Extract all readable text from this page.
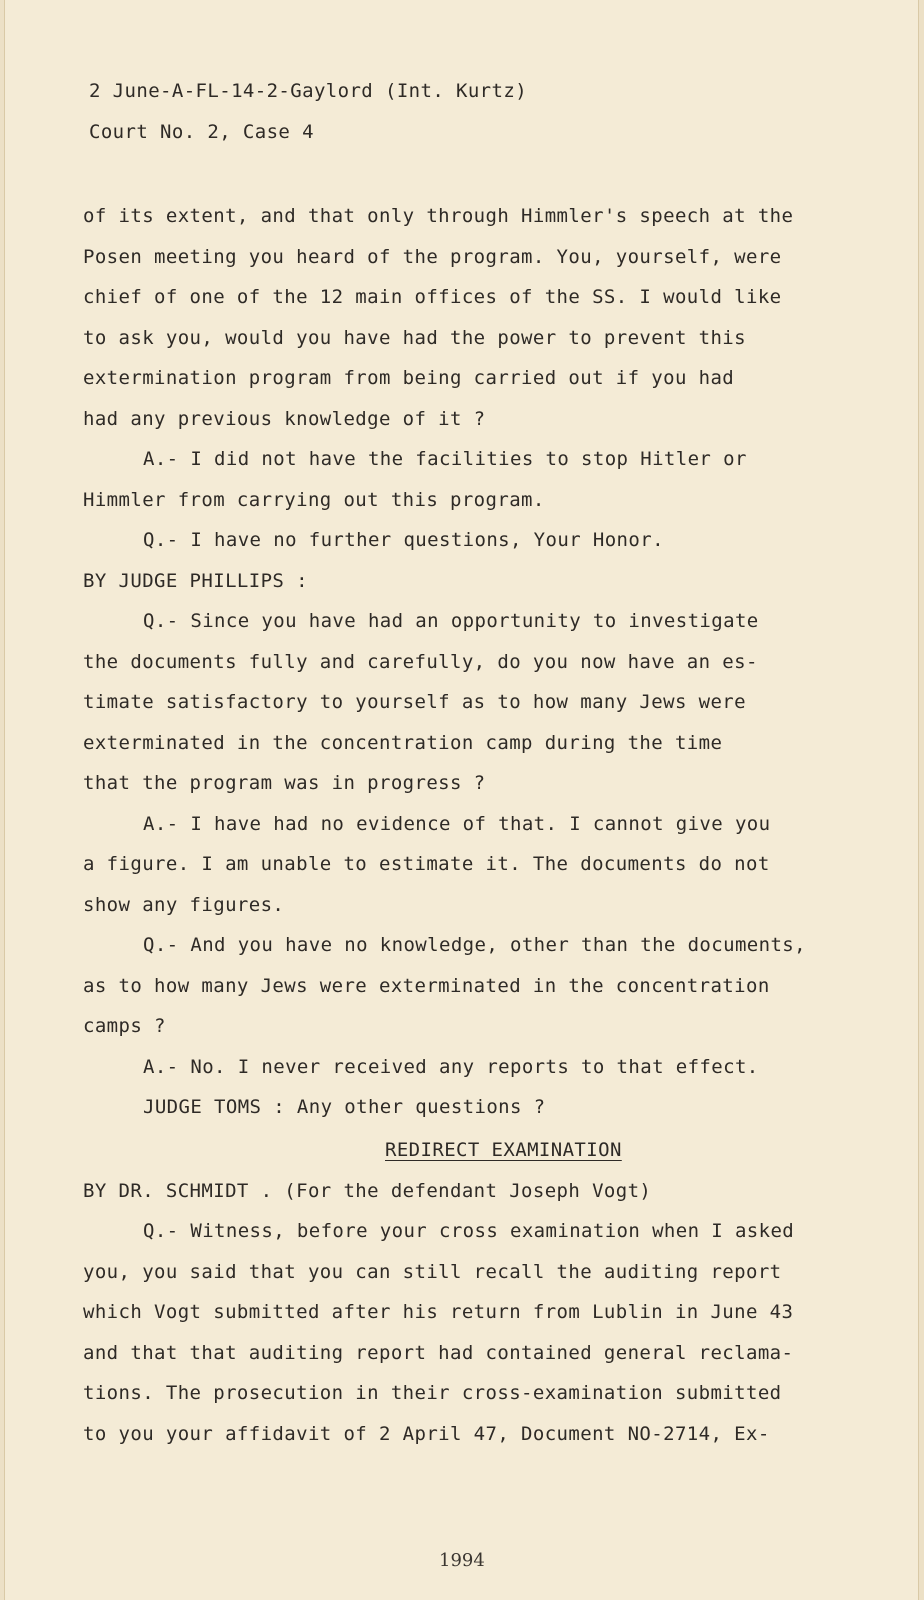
2 June-A-FL-14-2-Gaylord (Int. Kurtz)
Court No. 2, Case 4
of its extent, and that only through Himmler's speech at the
Posen meeting you heard of the program. You, yourself, were
chief of one of the 12 main offices of the SS. I would like
to ask you, would you have had the power to prevent this
extermination program from being carried out if you had
had any previous knowledge of it ?
A.- I did not have the facilities to stop Hitler or
Himmler from carrying out this program.
Q.- I have no further questions, Your Honor.
BY JUDGE PHILLIPS :
Q.- Since you have had an opportunity to investigate
the documents fully and carefully, do you now have an es-
timate satisfactory to yourself as to how many Jews were
exterminated in the concentration camp during the time
that the program was in progress ?
A.- I have had no evidence of that. I cannot give you
a figure. I am unable to estimate it. The documents do not
show any figures.
Q.- And you have no knowledge, other than the documents,
as to how many Jews were exterminated in the concentration
camps ?
A.- No. I never received any reports to that effect.
JUDGE TOMS : Any other questions ?
REDIRECT EXAMINATION
BY DR. SCHMIDT . (For the defendant Joseph Vogt)
Q.- Witness, before your cross examination when I asked
you, you said that you can still recall the auditing report
which Vogt submitted after his return from Lublin in June 43
and that that auditing report had contained general reclama-
tions. The prosecution in their cross-examination submitted
to you your affidavit of 2 April 47, Document NO-2714, Ex-
1994
